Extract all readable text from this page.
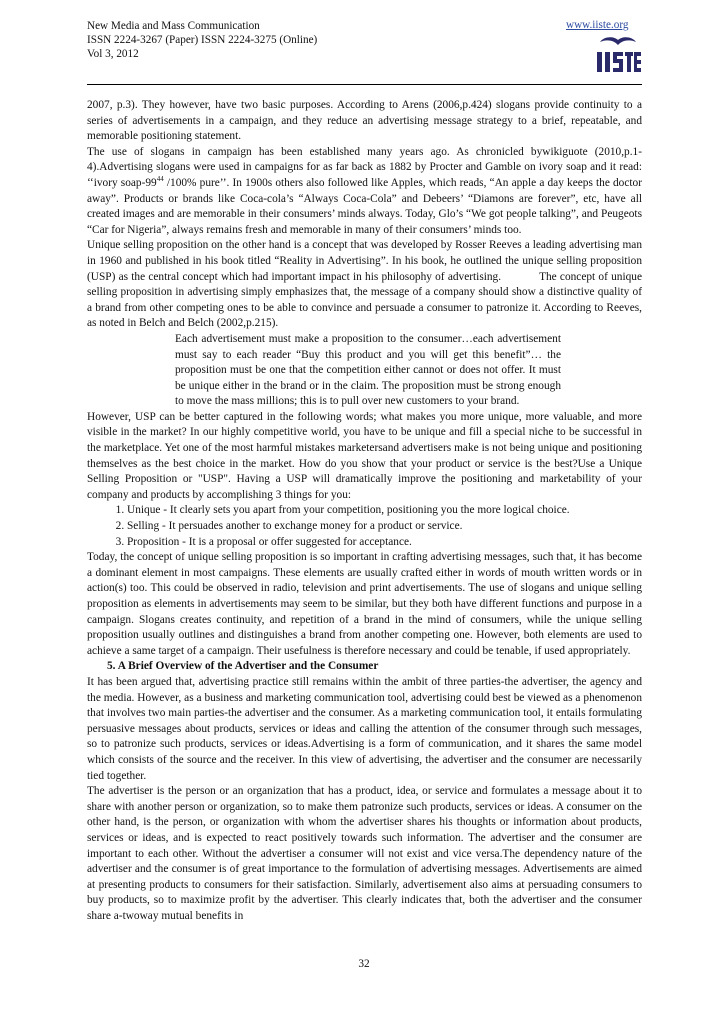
New Media and Mass Communication
ISSN 2224-3267 (Paper) ISSN 2224-3275 (Online)
Vol 3, 2012
www.iiste.org

2007, p.3). They however, have two basic purposes. According to Arens (2006,p.424) slogans provide continuity to a series of advertisements in a campaign, and they reduce an advertising message strategy to a brief, repeatable, and memorable positioning statement.

The use of slogans in campaign has been established many years ago. As chronicled bywikiguote (2010,p.1-4).Advertising slogans were used in campaigns for as far back as 1882 by Procter and Gamble on ivory soap and it read: ‘‘ivory soap-$99^{44}$ /100% pure’’. In 1900s others also followed like Apples, which reads, “An apple a day keeps the doctor away”. Products or brands like Coca-cola’s “Always Coca-Cola” and Debeers’ “Diamons are forever”, etc, have all created images and are memorable in their consumers’ minds always. Today, Glo’s “We got people talking”, and Peugeots “Car for Nigeria”, always remains fresh and memorable in many of their consumers’ minds too.

Unique selling proposition on the other hand is a concept that was developed by Rosser Reeves a leading advertising man in 1960 and published in his book titled “Reality in Advertising”. In his book, he outlined the unique selling proposition (USP) as the central concept which had important impact in his philosophy of advertising.	The concept of unique selling proposition in advertising simply emphasizes that, the message of a company should show a distinctive quality of a brand from other competing ones to be able to convince and persuade a consumer to patronize it. According to Reeves, as noted in Belch and Belch (2002,p.215).

Each advertisement must make a proposition to the consumer…each advertisement must say to each reader “Buy this product and you will get this benefit”… the proposition must be one that the competition either cannot or does not offer. It must be unique either in the brand or in the claim. The proposition must be strong enough to move the mass millions; this is to pull over new customers to your brand.

However, USP can be better captured in the following words; what makes you more unique, more valuable, and more visible in the market? In our highly competitive world, you have to be unique and fill a special niche to be successful in the marketplace. Yet one of the most harmful mistakes marketersand advertisers make is not being unique and positioning themselves as the best choice in the market. How do you show that your product or service is the best?Use a Unique Selling Proposition or "USP". Having a USP will dramatically improve the positioning and marketability of your company and products by accomplishing 3 things for you:

1. Unique - It clearly sets you apart from your competition, positioning you the more logical choice.
2. Selling - It persuades another to exchange money for a product or service.
3. Proposition - It is a proposal or offer suggested for acceptance.

Today, the concept of unique selling proposition is so important in crafting advertising messages, such that, it has become a dominant element in most campaigns. These elements are usually crafted either in words of mouth written words or in action(s) too. This could be observed in radio, television and print advertisements. The use of slogans and unique selling proposition as elements in advertisements may seem to be similar, but they both have different functions and purpose in a campaign. Slogans creates continuity, and repetition of a brand in the mind of consumers, while the unique selling proposition usually outlines and distinguishes a brand from another competing one. However, both elements are used to achieve a same target of a campaign. Their usefulness is therefore necessary and could be tenable, if used appropriately.

5. A Brief Overview of the Advertiser and the Consumer

It has been argued that, advertising practice still remains within the ambit of three parties-the advertiser, the agency and the media. However, as a business and marketing communication tool, advertising could best be viewed as a phenomenon that involves two main parties-the advertiser and the consumer. As a marketing communication tool, it entails formulating persuasive messages about products, services or ideas and calling the attention of the consumer through such messages, so to patronize such products, services or ideas.Advertising is a form of communication, and it shares the same model which consists of the source and the receiver. In this view of advertising, the advertiser and the consumer are necessarily tied together.

The advertiser is the person or an organization that has a product, idea, or service and formulates a message about it to share with another person or organization, so to make them patronize such products, services or ideas. A consumer on the other hand, is the person, or organization with whom the advertiser shares his thoughts or information about products, services or ideas, and is expected to react positively towards such information. The advertiser and the consumer are important to each other. Without the advertiser a consumer will not exist and vice versa.The dependency nature of the advertiser and the consumer is of great importance to the formulation of advertising messages. Advertisements are aimed at presenting products to consumers for their satisfaction. Similarly, advertisement also aims at persuading consumers to buy products, so to maximize profit by the advertiser. This clearly indicates that, both the advertiser and the consumer share a-twoway mutual benefits in

32
